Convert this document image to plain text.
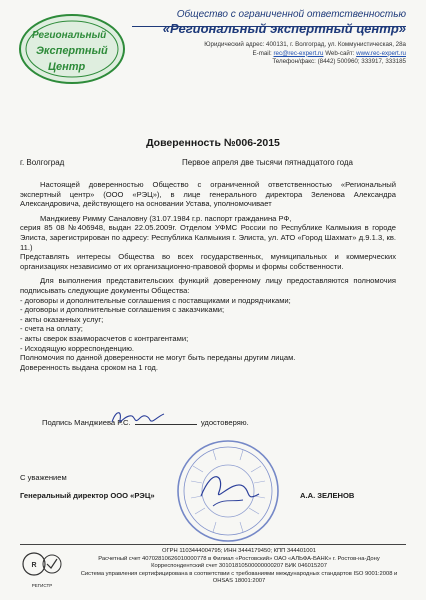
Региональный
Экспертный
Центр
Общество с ограниченной ответственностью
«Региональный экспертный центр»
Юридический адрес: 400131, г. Волгоград, ул. Коммунистическая, 28а
E-mail: rec@rec-expert.ru Web-сайт: www.rec-expert.ru
Телефон/факс: (8442) 500960; 333917, 333185
Доверенность №006-2015
г. Волгоград	Первое апреля две тысячи пятнадцатого года

Настоящей доверенностью Общество с ограниченной ответственностью «Региональный экспертный центр» (ООО «РЭЦ»), в лице генерального директора Зеленова Александра Александровича, действующего на основании Устава, уполномочивает

Манджиеву Римму Саналовну (31.07.1984 г.р. паспорт гражданина РФ,

серия 85 08 №406948, выдан 22.05.2009г. Отделом УФМС России по Республике Калмыкия в городе Элиста, зарегистрирован по адресу: Республика Калмыкия г. Элиста, ул. АТО «Город Шахмат» д.9.1.3, кв. 11.)

Представлять интересы Общества во всех государственных, муниципальных и коммерческих организациях независимо от их организационно-правовой формы и формы собственности.

Для выполнения представительских функций доверенному лицу предоставляются полномочия подписывать следующие документы Общества:

- договоры и дополнительные соглашения с поставщиками и подрядчиками;

- договоры и дополнительные соглашения с заказчиками;

- акты оказанных услуг;

- счета на оплату;

- акты сверок взаиморасчетов с контрагентами;

- Исходящую корреспонденцию.

Полномочия по данной доверенности не могут быть переданы другим лицам.

Доверенность выдана сроком на 1 год.

Подпись Манджиева Р.С.	удостоверяю.
С уважением
Генеральный директор ООО «РЭЦ»	А.А. ЗЕЛЕНОВ
R
РЕГИСТР
ОГРН 1103444004795; ИНН 3444179450; КПП 344401001
Расчетный счет 40702810626010000778 в Филиал «Ростовский» ОАО «АЛЬФА-БАНК» г. Ростов-на-Дону
Корреспондентский счет 30101810500000000207 БИК 046015207
Система управления сертифицирована в соответствии с требованиями международных стандартов ISO 9001:2008 и OHSAS 18001:2007
